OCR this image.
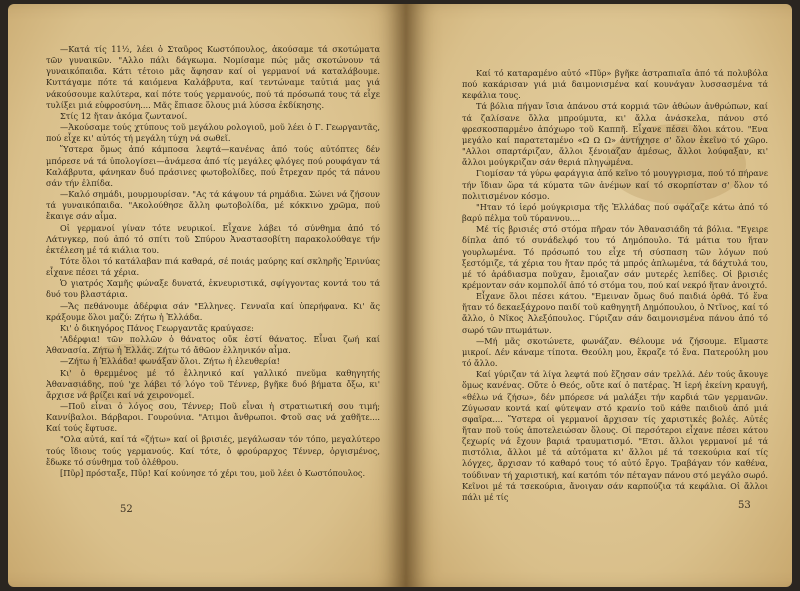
—Κατά τίς 11½, λέει ὁ Σταῦρος Κωστόπουλος, ἀκούσαμε τά σκοτώματα τῶν γυναικῶν. "Αλλο πάλι δάγκωμα. Νομίσαμε πώς μᾶς σκοτώνουν τά γυναικόπαιδα. Κάτι τέτοιο μᾶς ἄφησαν καί οἱ γερμανοί νά καταλάβουμε. Κυττάγαμε πότε τά καιόμενα Καλάβρυτα, καί τεντώναμε ταὐτιά μας γιά νάκούσουμε καλύτερα, καί πότε τούς γερμανούς, πού τά πρόσωπά τους τά εἶχε τυλίξει μιά εὐφροσύνη.... Μᾶς ἔπιασε ὅλους μιά λύσσα ἐκδίκησης.

Στίς 12 ἤταν ἀκόμα ζωντανοί.

—Ἀκούσαμε τούς χτύπους τοῦ μεγάλου ρολογιοῦ, μοῦ λέει ὁ Γ. Γεωργαντᾶς, πού εἶχε κι' αὐτός τή μεγάλη τύχη νά σωθεῖ.

Ὕστερα ὅμως ἀπό κάμποσα λεφτά—κανένας ἀπό τούς αὐτόπτες δέν μπόρεσε νά τά ὑπολογίσει—ἀνάμεσα ἀπό τίς μεγάλες φλόγες πού ρουφάγαν τά Καλάβρυτα, φάνηκαν δυό πράσινες φωτοβολίδες, πού ἔτρεχαν πρός τά πάνου σάν τήν ἐλπίδα.

—Καλό σημάδι, μουρμουρίσαν. "Ας τά κάψουν τά ρημάδια. Σώνει νά ζήσουν τά γυναικόπαιδα. "Ακολούθησε ἄλλη φωτοβολίδα, μέ κόκκινο χρῶμα, πού ἔκαιγε σάν αἷμα.

Οἱ γερμανοί γίναν τότε νευρικοί. Εἶχανε λάβει τό σύνθημα ἀπό τό Λάτνγκερ, πού ἀπό τό σπίτι τοῦ Σπύρου Ἀναστασοβίτη παρακολούθαγε τήν ἐκτέλεση μέ τά κιάλια του.

Τότε ὅλοι τό κατάλαβαν πιά καθαρά, σέ ποιάς μαύρης καί σκληρῆς Ἐρινύας εἶχανε πέσει τά χέρια.

Ὁ γιατρός Χαμῆς φώναξε δυνατά, ἐκνευριστικά, σφίγγοντας κοντά του τά δυό του βλαστάρια.

—Ἄς πεθάνουμε ἀδέρφια σάν "Ελληνες. Γενναῖα καί ὑπερήφανα. Κι' ἄς κράξουμε ὅλοι μαζύ: Ζήτω ἡ Ἑλλάδα.

Κι' ὁ δικηγόρος Πάνος Γεωργαντᾶς κραύγασε:

'Αδέρφια! τῶν πολλῶν ὁ θάνατος οὔκ ἐστί θάνατος. Εἶναι ζωή καί Ἀθανασία. Ζήτω ἡ Ἑλλάς. Ζήτω τό ἄθῶον ἑλληνικόν αἷμα.

—Ζήτω ἡ Ἑλλάδα! φωνάξαν ὅλοι. Ζήτω ἡ ἐλευθερία!

Κι' ὁ θρεμμένος μέ τό ἑλληνικό καί γαλλικό πνεῦμα καθηγητής Ἀθανασιάδης, πού 'χε λάβει τό λόγο τοῦ Τέννερ, βγῆκε δυό βήματα ὄξω, κι' ἄρχισε νά βρίζει καί νά χειρονομεῖ.

—Ποῦ εἶναι ὁ λόγος σου, Τέννερ; Ποῦ εἶναι ἡ στρατιωτική σου τιμή; Καννίβαλοι. Βάρβαροι. Γουρούνια. "Ατιμοι ἄνθρωποι. Φτοῦ σας νά χαθῆτε.... Καί τούς ἔφτυσε.

"Ολα αὐτά, καί τά «ζήτω» καί οἱ βρισιές, μεγάλωσαν τόν τόπο, μεγαλύτερο τούς ἴδιους τούς γερμανούς. Καί τότε, ὁ φρούραρχος Τέννερ, ὀργισμένος, ἔδωκε τό σύνθημα τοῦ ὀλέθρου.

[Πῦρ] πρόσταξε, Πῦρ! Καί κούνησε τό χέρι του, μοῦ λέει ὁ Κωστόπουλος.

52

Καί τό καταραμένο αὐτό «Πῦρ» βγῆκε ἀστραπιαῖα ἀπό τά πολυβόλα πού κακάρισαν γιά μιά δαιμονισμένα καί κουνάγαν λυσσασμένα τά κεφάλια τους.

Τά βόλια πήγαν ἴσια ἀπάνου στά κορμιά τῶν ἀθώων ἀνθρώπων, καί τά ζαλίσανε ὅλλα μπρούμυτα, κι' ἄλλα ἀνάσκελα, πάνου στό φρεσκοσπαρμένο ἀπόχωρο τοῦ Καππῆ. Εἶχανε πέσει ὅλοι κάτου. "Ενα μεγάλο καί παρατεταμένο «Ω Ω Ω» ἀντήχησε σ' ὅλον ἐκεῖνο τό χῶρο. "Αλλοι σπαρτάριζαν, ἄλλοι ξένοιαζαν ἀμέσως, ἄλλοι λούφαξαν, κι' ἄλλοι μούγκριζαν σάν θεριά πληγωμένα.

Γιομίσαν τά γύρω φαράγγια ἀπό κεῖνο τό μουγγρισμα, πού τό πήρανε τήν ἴδιαν ὥρα τά κύματα τῶν ἀνέμων καί τό σκορπίσταν σ' ὅλον τό πολιτισμένον κόσμο.

"Ηταν τό ἱερό μούγκρισμα τῆς Ἑλλάδας πού σφάζαζε κάτω ἀπό τό βαρύ πέλμα τοῦ τύραννου....

Μέ τίς βρισιές στό στόμα πῆραν τόν Ἀθανασιάδη τά βόλια. "Εγειρε δίπλα ἀπό τό συνάδελφό του τό Δημόπουλο. Τά μάτια του ἤταν γουρλωμένα. Τό πρόσωπό του εἶχε τή σύσπαση τῶν λόγων πού ξεστόμιζε, τά χέρια του ἤταν πρός τά μπρός ἁπλωμένα, τά δάχτυλά του, μέ τό ἀράδιασμα ποῦχαν, ἔμοιαζαν σάν μυτερές λεπίδες. Οἱ βρισιές κρέμονταν σάν κομπολόϊ ἀπό τό στόμα του, πού καί νεκρό ἤταν ἀνοιχτό.

Εἶχανε ὅλοι πέσει κάτου. "Εμειναν ὅμως δυό παιδιά ὀρθά. Τό ἕνα ἤταν τό δεκαεξάχρονο παιδί τοῦ καθηγητῆ Δημόπουλου, ὁ Ντῖνος, καί τό ἄλλο, ὁ Νῖκος Ἀλεξόπουλος. Γύριζαν σάν δαιμονισμένα πάνου ἀπό τό σωρό τῶν πτωμάτων.

—Μή μᾶς σκοτώνετε, φωνάζαν. Θέλουμε νά ζήσουμε. Εἴμαστε μικροί. Δέν κάναμε τίποτα. Θεούλη μου, ἔκραζε τό ἕνα. Πατερούλη μου τό ἄλλο.

Καί γύριζαν τά λίγα λεφτά πού ἔζησαν σάν τρελλά. Δέν τούς ἄκουγε ὅμως κανένας. Οὔτε ὁ Θεός, οὔτε καί ὁ πατέρας. Ἡ ἱερή ἐκείνη κραυγή, «θέλω νά ζήσω», δέν μπόρεσε νά μαλάξει τήν καρδιά τῶν γερμανῶν. Ζύγωσαν κοντά καί φύτεψαν στό κρανίο τοῦ κάθε παιδιοῦ ἀπό μιά σφαῖρα.... Ὕστερα οἱ γερμανοί ἄρχισαν τίς χαριστικές βολές. Αὐτές ἤταν ποῦ τούς ἀποτελειώσαν ὅλους. Οἱ περσότεροι εἶχανε πέσει κάτου ζεχωρίς νά ἔχουν βαριά τραυματισμό. "Ετσι. ἄλλοι γερμανοί μέ τά πιστόλια, ἄλλοι μέ τά αὐτόματα κι' ἄλλοι μέ τά τσεκούρια καί τίς λόγχες, ἄρχισαν τό καθαρό τους τό αὐτό ἔργο. Τραβάγαν τόν καθένα, τούδιναν τή χαριστική, καί κατόπι τόν πέταγαν πάνου στό μεγάλο σωρό. Κεῖνοι μέ τά τσεκούρια, ἄνοιγαν σάν καρπούζια τά κεφάλια. Οἱ ἄλλοι πάλι μέ τίς

53
